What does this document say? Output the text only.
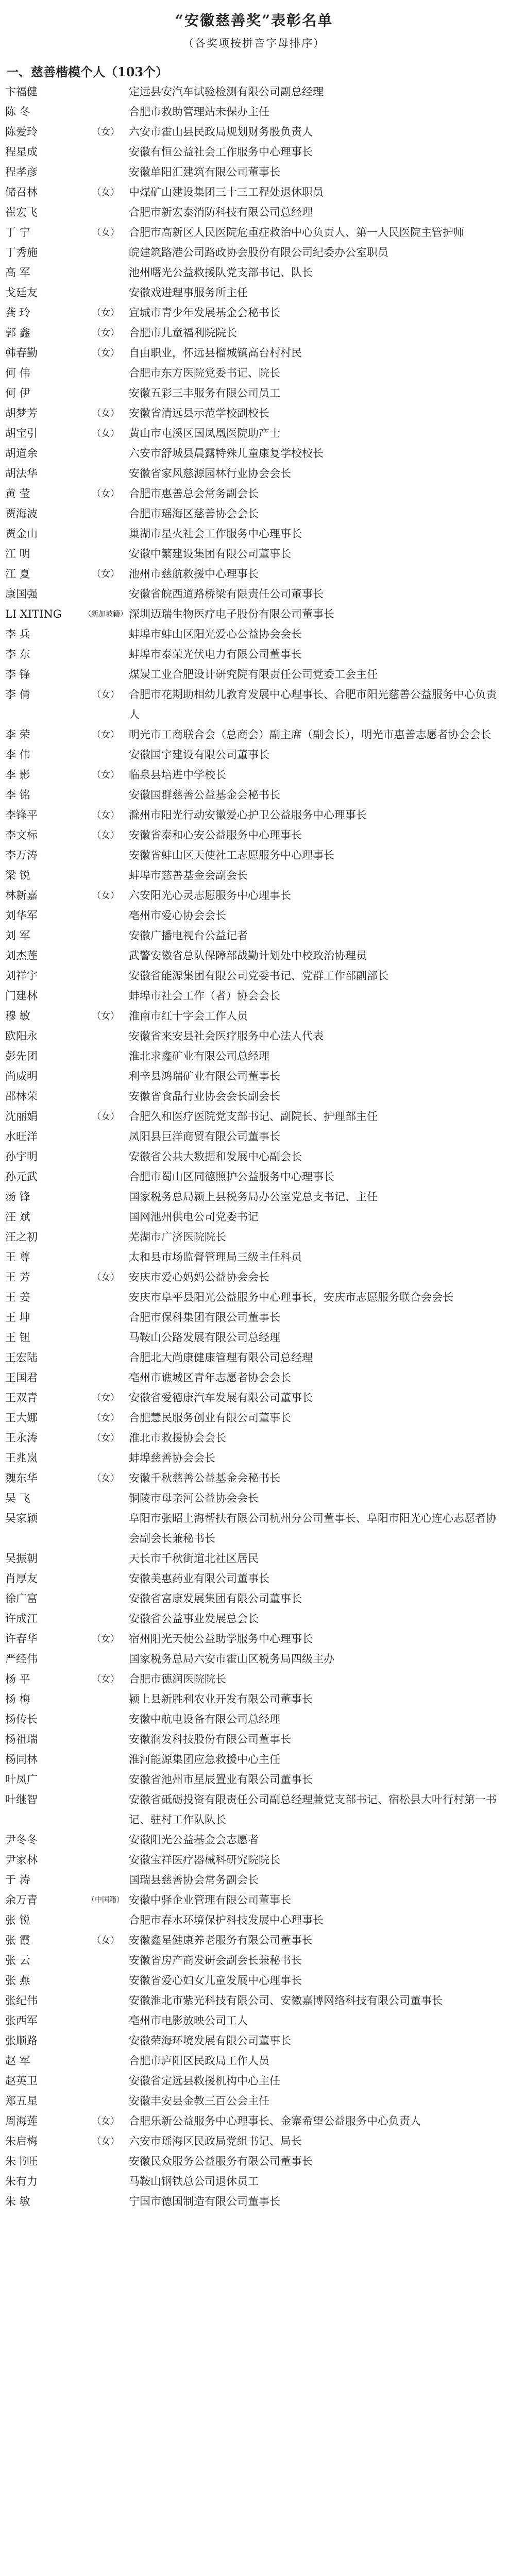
“安徽慈善奖”表彰名单
（各奖项按拼音字母排序）
一、慈善楷模个人（103个）
卞福健	定远县安汽车试验检测有限公司副总经理
陈 冬	合肥市救助管理站未保办主任
陈爱玲	（女） 六安市霍山县民政局规划财务股负责人
程星成	安徽有恒公益社会工作服务中心理事长
程孝彦	安徽单阳汇建筑有限公司董事长
储召林	（女） 中煤矿山建设集团三十三工程处退休职员
崔宏飞	合肥市新宏泰消防科技有限公司总经理
丁 宁	（女） 合肥市高新区人民医院危重症救治中心负责人、第一人民医院主管护师
丁秀施	皖建筑路港公司路政协会股份有限公司纪委办公室职员
高 军	池州曙光公益救援队党支部书记、队长
戈廷友	安徽戏进理事服务所主任
龚 玲	（女） 宣城市青少年发展基金会秘书长
郭 鑫	（女） 合肥市儿童福利院院长
韩春勤	（女） 自由职业，怀远县榴城镇高台村村民
何 伟	合肥市东方医院党委书记、院长
何 伊	安徽五彩三丰服务有限公司员工
胡梦芳	（女） 安徽省清远县示范学校副校长
胡宝引	（女） 黄山市屯溪区国凤凰医院助产士
胡道余	六安市舒城县晨露特殊儿童康复学校校长
胡法华	安徽省家风慈源园林行业协会会长
黄 莹	（女） 合肥市惠善总会常务副会长
贾海波	合肥市瑶海区慈善协会会长
贾金山	巢湖市星火社会工作服务中心理事长
江 明	安徽中繁建设集团有限公司董事长
江 夏	（女） 池州市慈航救援中心理事长
康国强	安徽省皖西道路桥梁有限责任公司董事长
LI XITING	（新加坡籍） 深圳迈瑞生物医疗电子股份有限公司董事长
李 兵	蚌埠市蚌山区阳光爱心公益协会会长
李 东	蚌埠市泰荣光伏电力有限公司董事长
李 锋	煤炭工业合肥设计研究院有限责任公司党委工会主任
李 倩	（女） 合肥市花期助相幼儿教育发展中心理事长、合肥市阳光慈善公益服务中心负责人
李 荣	（女） 明光市工商联合会（总商会）副主席（副会长），明光市惠善志愿者协会会长
李 伟	安徽国宇建设有限公司董事长
李 影	（女） 临泉县培进中学校长
李 铭	安徽国群慈善公益基金会秘书长
李锋平	（女） 滁州市阳光行动安徽爱心护卫公益服务中心理事长
李文标	（女） 安徽省泰和心安公益服务中心理事长
李万涛	安徽省蚌山区天使社工志愿服务中心理事长
梁 锐	蚌埠市慈善基金会副会长
林新嘉	（女） 六安阳光心灵志愿服务中心理事长
刘华军	亳州市爱心协会会长
刘 军	安徽广播电视台公益记者
刘杰莲	武警安徽省总队保障部战勤计划处中校政治协理员
刘祥宇	安徽省能源集团有限公司党委书记、党群工作部副部长
门建林	蚌埠市社会工作（者）协会会长
穆 敏	（女） 淮南市红十字会工作人员
欧阳永	安徽省来安县社会医疗服务中心法人代表
彭先团	淮北求鑫矿业有限公司总经理
尚威明	利辛县鸿瑞矿业有限公司董事长
邵林荣	安徽省食品行业协会会长副会长
沈丽娟	（女） 合肥久和医疗医院党支部书记、副院长、护理部主任
水旺洋	凤阳县巨洋商贸有限公司董事长
孙宇明	安徽省公共大数据和发展中心副会长
孙元武	合肥市蜀山区同德照护公益服务中心理事长
汤 锋	国家税务总局颍上县税务局办公室党总支书记、主任
汪 斌	国网池州供电公司党委书记
汪之初	芜湖市广济医院院长
王 尊	太和县市场监督管理局三级主任科员
王 芳	（女） 安庆市爱心妈妈公益协会会长
王 姜	安庆市阜平县阳光公益服务中心理事长，安庆市志愿服务联合会会长
王 坤	合肥市保科集团有限公司董事长
王 钮	马鞍山公路发展有限公司总经理
王宏陆	合肥北大尚康健康管理有限公司总经理
王国君	亳州市谯城区青年志愿者协会会长
王双青	（女） 安徽省爱德康汽车发展有限公司董事长
王大娜	（女） 合肥慧民服务创业有限公司董事长
王永涛	（女） 淮北市救援协会会长
王兆岚	蚌埠慈善协会会长
魏东华	（女） 安徽千秋慈善公益基金会秘书长
吴 飞	铜陵市母亲河公益协会会长
吴家颖	阜阳市张昭上海帮扶有限公司杭州分公司董事长、阜阳市阳光心连心志愿者协会副会长兼秘书长
吴振朝	天长市千秋街道北社区居民
肖厚友	安徽美惠药业有限公司董事长
徐广富	安徽省富康发展集团有限公司董事长
许成江	安徽省公益事业发展总会长
许春华	（女） 宿州阳光天使公益助学服务中心理事长
严经伟	国家税务总局六安市霍山区税务局四级主办
杨 平	（女） 合肥市德润医院院长
杨 梅	颍上县新胜利农业开发有限公司董事长
杨传长	安徽中航电设备有限公司总经理
杨祖瑞	安徽润发科技股份有限公司董事长
杨同林	淮河能源集团应急救援中心主任
叶凤广	安徽省池州市星辰置业有限公司董事长
叶继智	安徽省砥砺投资有限责任公司副总经理兼党支部书记、宿松县大叶行村第一书记、驻村工作队队长
尹冬冬	安徽阳光公益基金会志愿者
尹家林	安徽宝祥医疗器械科研究院院长
于 涛	国瑞县慈善协会常务副会长
余万青	（中国籍） 安徽中驿企业管理有限公司董事长
张 锐	合肥市春水环境保护科技发展中心理事长
张 霞	（女） 安徽鑫星健康养老服务有限公司董事长
张 云	安徽省房产商发研会副会长兼秘书长
张 燕	安徽省爱心妇女儿童发展中心理事长
张纪伟	安徽淮北市紫光科技有限公司、安徽嘉博网络科技有限公司董事长
张西军	亳州市电影放映公司工人
张顺路	安徽荣海环境发展有限公司董事长
赵 军	合肥市庐阳区民政局工作人员
赵英卫	安徽省定远县救援机构中心主任
郑五星	安徽丰安县金教三百公会主任
周海莲	（女） 合肥乐新公益服务中心理事长、金寨希望公益服务中心负责人
朱启梅	（女） 六安市瑶海区民政局党组书记、局长
朱书旺	安徽民众服务公益服务有限公司董事长
朱有力	马鞍山钢铁总公司退休员工
朱 敏	宁国市德国制造有限公司董事长
